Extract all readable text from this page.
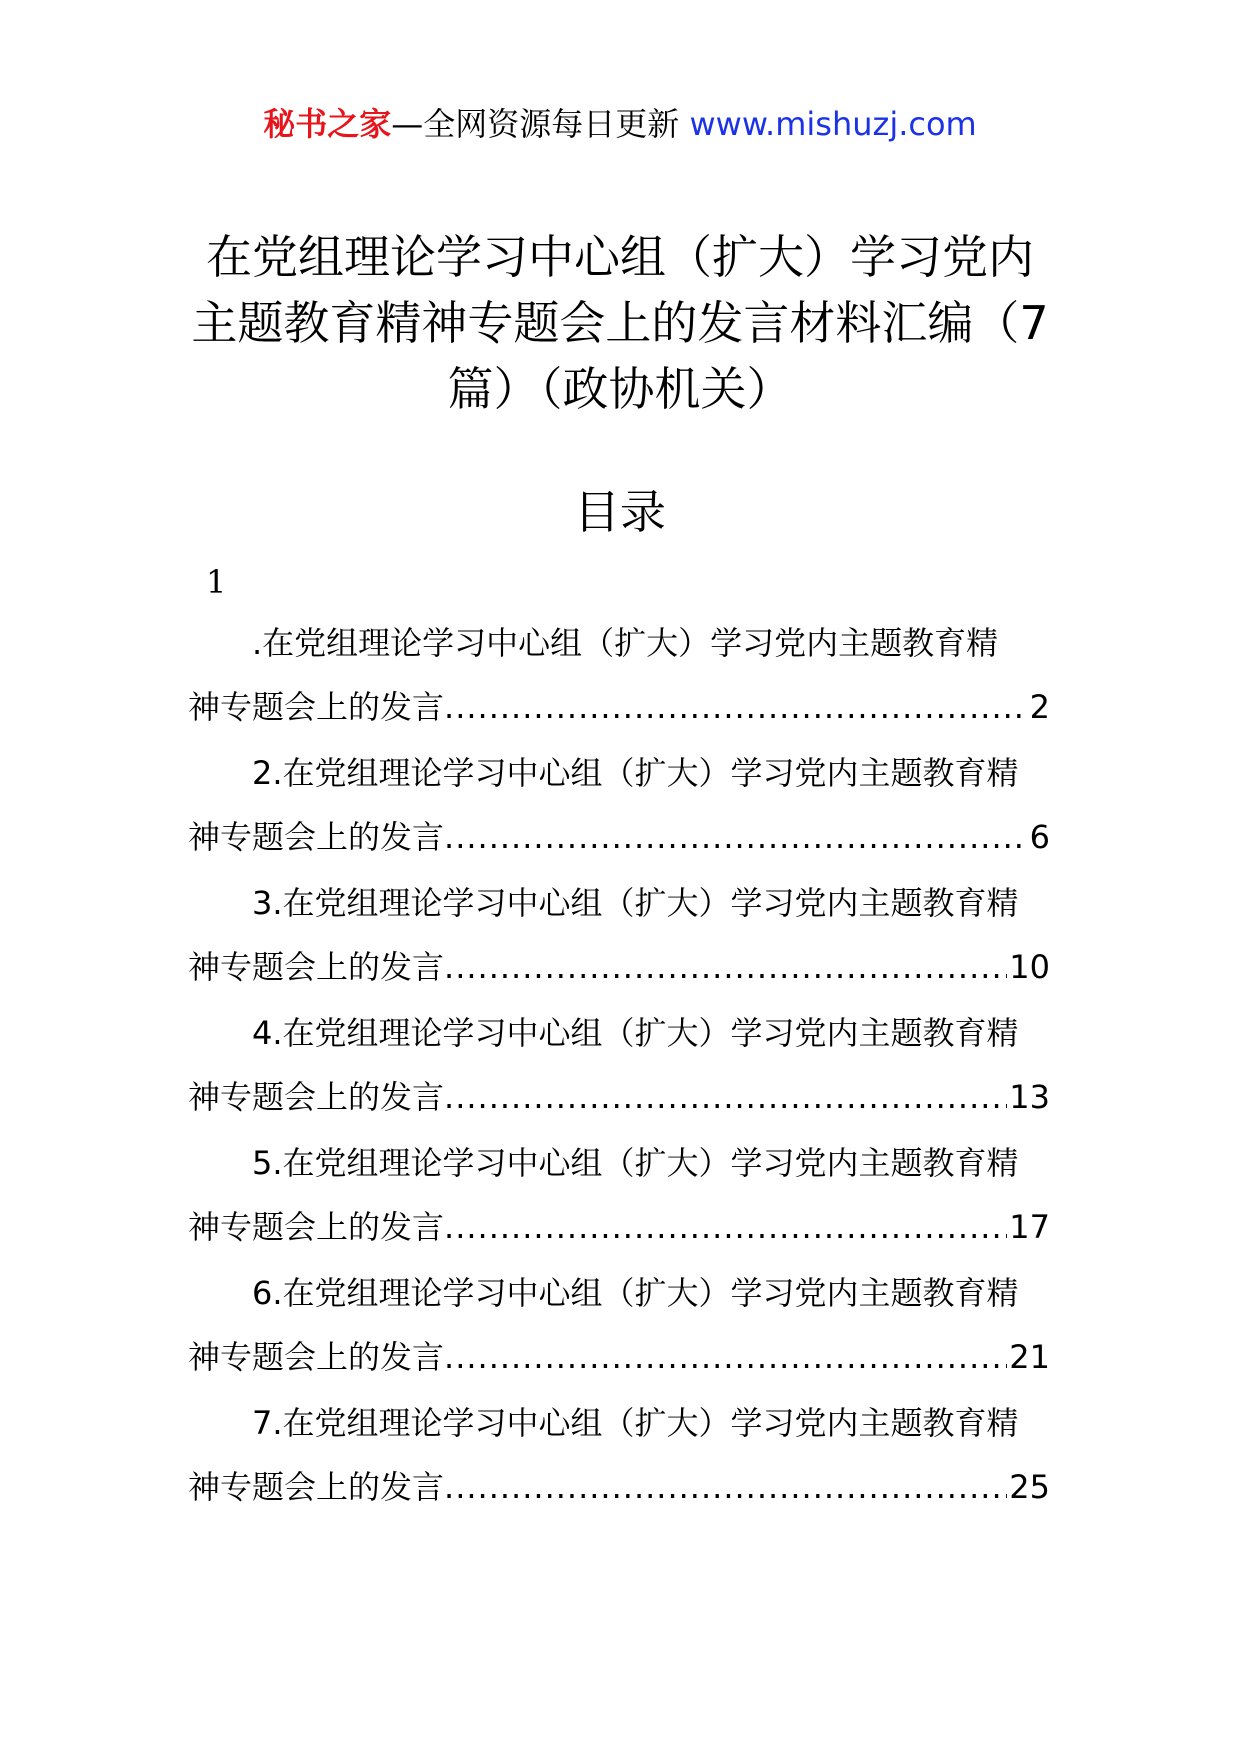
秘书之家—全网资源每日更新 www.mishuzj.com
在党组理论学习中心组（扩大）学习党内
主题教育精神专题会上的发言材料汇编（7
篇）（政协机关）
目录
1
.在党组理论学习中心组（扩大）学习党内主题教育精
神专题会上的发言 .....	2
2.在党组理论学习中心组（扩大）学习党内主题教育精
神专题会上的发言 .....	6
3.在党组理论学习中心组（扩大）学习党内主题教育精
神专题会上的发言 .....	10
4.在党组理论学习中心组（扩大）学习党内主题教育精
神专题会上的发言 .....	13
5.在党组理论学习中心组（扩大）学习党内主题教育精
神专题会上的发言 .....	17
6.在党组理论学习中心组（扩大）学习党内主题教育精
神专题会上的发言 .....	21
7.在党组理论学习中心组（扩大）学习党内主题教育精
神专题会上的发言 .....	25
